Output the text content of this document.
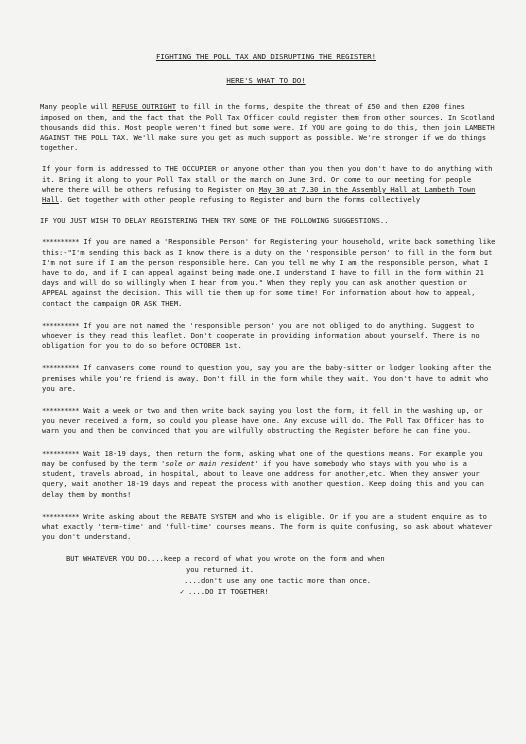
FIGHTING THE POLL TAX AND DISRUPTING THE REGISTER!

HERE'S WHAT TO DO!

Many people will REFUSE OUTRIGHT to fill in the forms, despite the threat of £50 and then £200 fines imposed on them, and the fact that the Poll Tax Officer could register them from other sources. In Scotland thousands did this. Most people weren't fined but some were. If YOU are going to do this, then join LAMBETH AGAINST THE POLL TAX. We'll make sure you get as much support as possible. We're stronger if we do things together.

If your form is addressed to THE OCCUPIER or anyone other than you then you don't have to do anything with it. Bring it along to your Poll Tax stall or the march on June 3rd. Or come to our meeting for people where there will be others refusing to Register on May 30 at 7.30 in the Assembly Hall at Lambeth Town Hall. Get together with other people refusing to Register and burn the forms collectively

IF YOU JUST WISH TO DELAY REGISTERING THEN TRY SOME OF THE FOLLOWING SUGGESTIONS..

********** If you are named a 'Responsible Person' for Registering your household, write back something like this:-"I'm sending this back as I know there is a duty on the 'responsible person' to fill in the form but I'm not sure if I am the person responsible here. Can you tell me why I am the responsible person, what I have to do, and if I can appeal against being made one.I understand I have to fill in the form within 21 days and will do so willingly when I hear from you." When they reply you can ask another question or APPEAL against the decision. This will tie them up for some time! For information about how to appeal, contact the campaign OR ASK THEM.

********** If you are not named the 'responsible person' you are not obliged to do anything. Suggest to whoever is they read this leaflet. Don't cooperate in providing information about yourself. There is no obligation for you to do so before OCTOBER 1st.

********** If canvasers come round to question you, say you are the baby-sitter or lodger looking after the premises while you're friend is away. Don't fill in the form while they wait. You don't have to admit who you are.

********** Wait a week or two and then write back saying you lost the form, it fell in the washing up, or you never received a form, so could you please have one. Any excuse will do. The Poll Tax Officer has to warn you and then be convinced that you are wilfully obstructing the Register before he can fine you.

********** Wait 18-19 days, then return the form, asking what one of the questions means. For example you may be confused by the term 'sole or main resident' if you have somebody who stays with you who is a student, travels abroad, in hospital, about to leave one address for another,etc. When they answer your query, wait another 18-19 days and repeat the process with another question. Keep doing this and you can delay them by months!

********** Write asking about the REBATE SYSTEM and who is eligible. Or if you are a student enquire as to what exactly 'term-time' and 'full-time' courses means. The form is quite confusing, so ask about whatever you don't understand.

BUT WHATEVER YOU DO....keep a record of what you wrote on the form and when
you returned it.
....don't use any one tactic more than once.
✓ ....DO IT TOGETHER!
